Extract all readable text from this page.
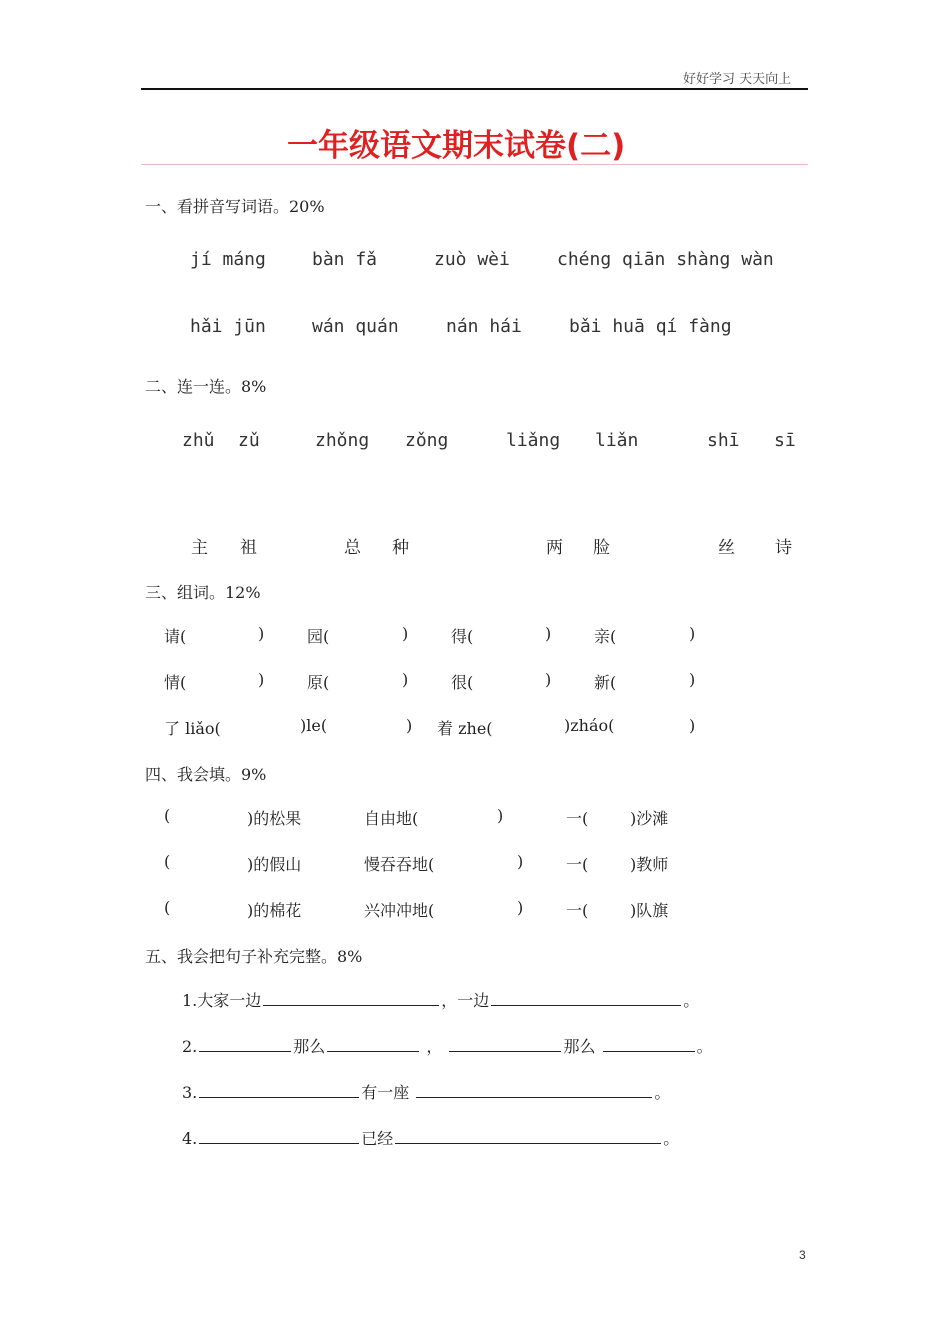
好好学习 天天向上
一年级语文期末试卷(二)
一、看拼音写词语。20%
jí máng	bàn fǎ	zuò wèi	chéng qiān shàng wàn
hǎi jūn	wán quán	nán hái	bǎi huā qí fàng
二、连一连。8%
zhǔ zǔ	zhǒng zǒng	liǎng liǎn	shī sī
主 祖	总 种	两 脸	丝 诗
三、组词。12%
请(	)	园(	)	得(	)	亲(	)
情(	)	原(	)	很(	)	新(	)
了 liǎo(	)le(	) 着 zhe(	)zháo(	)
四、我会填。9%
(	)的松果	自由地(	)	一(	)沙滩
(	)的假山	慢吞吞地(	)	一(	)教师
(	)的棉花	兴冲冲地(	)	一(	)队旗
五、我会把句子补充完整。8%
1.大家一边	，一边	。
2.	那么	，	那么	。
3.	有一座	。
4.	已经	。
3
